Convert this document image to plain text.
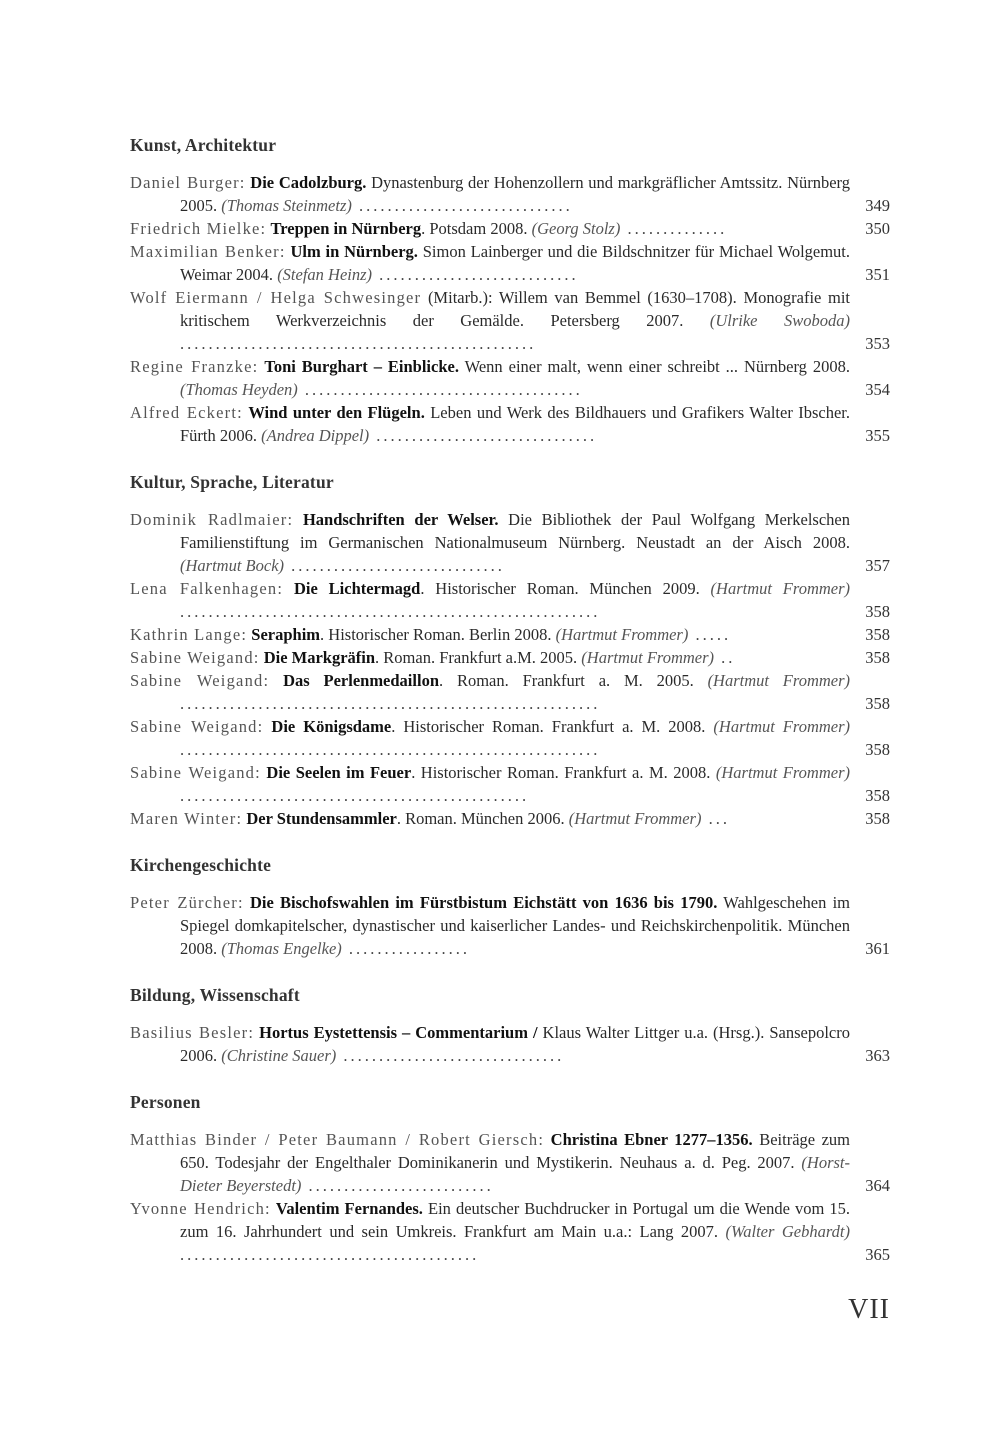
Kunst, Architektur
Daniel Burger: Die Cadolzburg. Dynastenburg der Hohenzollern und markgräflicher Amtssitz. Nürnberg 2005. (Thomas Steinmetz) ..............................	349
Friedrich Mielke: Treppen in Nürnberg. Potsdam 2008. (Georg Stolz) ..............	350
Maximilian Benker: Ulm in Nürnberg. Simon Lainberger und die Bildschnitzer für Michael Wolgemut. Weimar 2004. (Stefan Heinz) ............................	351
Wolf Eiermann / Helga Schwesinger (Mitarb.): Willem van Bemmel (1630–1708). Monografie mit kritischem Werkverzeichnis der Gemälde. Petersberg 2007. (Ulrike Swoboda) ..................................................	353
Regine Franzke: Toni Burghart – Einblicke. Wenn einer malt, wenn einer schreibt ... Nürnberg 2008. (Thomas Heyden) .......................................	354
Alfred Eckert: Wind unter den Flügeln. Leben und Werk des Bildhauers und Grafikers Walter Ibscher. Fürth 2006. (Andrea Dippel) ...............................	355
Kultur, Sprache, Literatur
Dominik Radlmaier: Handschriften der Welser. Die Bibliothek der Paul Wolfgang Merkelschen Familienstiftung im Germanischen Nationalmuseum Nürnberg. Neustadt an der Aisch 2008. (Hartmut Bock) ..............................	357
Lena Falkenhagen: Die Lichtermagd. Historischer Roman. München 2009. (Hartmut Frommer) ...........................................................	358
Kathrin Lange: Seraphim. Historischer Roman. Berlin 2008. (Hartmut Frommer) .....	358
Sabine Weigand: Die Markgräfin. Roman. Frankfurt a.M. 2005. (Hartmut Frommer) ..	358
Sabine Weigand: Das Perlenmedaillon. Roman. Frankfurt a. M. 2005. (Hartmut Frommer) ...........................................................	358
Sabine Weigand: Die Königsdame. Historischer Roman. Frankfurt a. M. 2008. (Hartmut Frommer) ...........................................................	358
Sabine Weigand: Die Seelen im Feuer. Historischer Roman. Frankfurt a. M. 2008. (Hartmut Frommer) .................................................	358
Maren Winter: Der Stundensammler. Roman. München 2006. (Hartmut Frommer) ...	358
Kirchengeschichte
Peter Zürcher: Die Bischofswahlen im Fürstbistum Eichstätt von 1636 bis 1790. Wahlgeschehen im Spiegel domkapitelscher, dynastischer und kaiserlicher Landes- und Reichskirchenpolitik. München 2008. (Thomas Engelke) .................	361
Bildung, Wissenschaft
Basilius Besler: Hortus Eystettensis – Commentarium / Klaus Walter Littger u.a. (Hrsg.). Sansepolcro 2006. (Christine Sauer) ...............................	363
Personen
Matthias Binder / Peter Baumann / Robert Giersch: Christina Ebner 1277–1356. Beiträge zum 650. Todesjahr der Engelthaler Dominikanerin und Mystikerin. Neuhaus a. d. Peg. 2007. (Horst-Dieter Beyerstedt) ..........................	364
Yvonne Hendrich: Valentim Fernandes. Ein deutscher Buchdrucker in Portugal um die Wende vom 15. zum 16. Jahrhundert und sein Umkreis. Frankfurt am Main u.a.: Lang 2007. (Walter Gebhardt) ..........................................	365
VII
